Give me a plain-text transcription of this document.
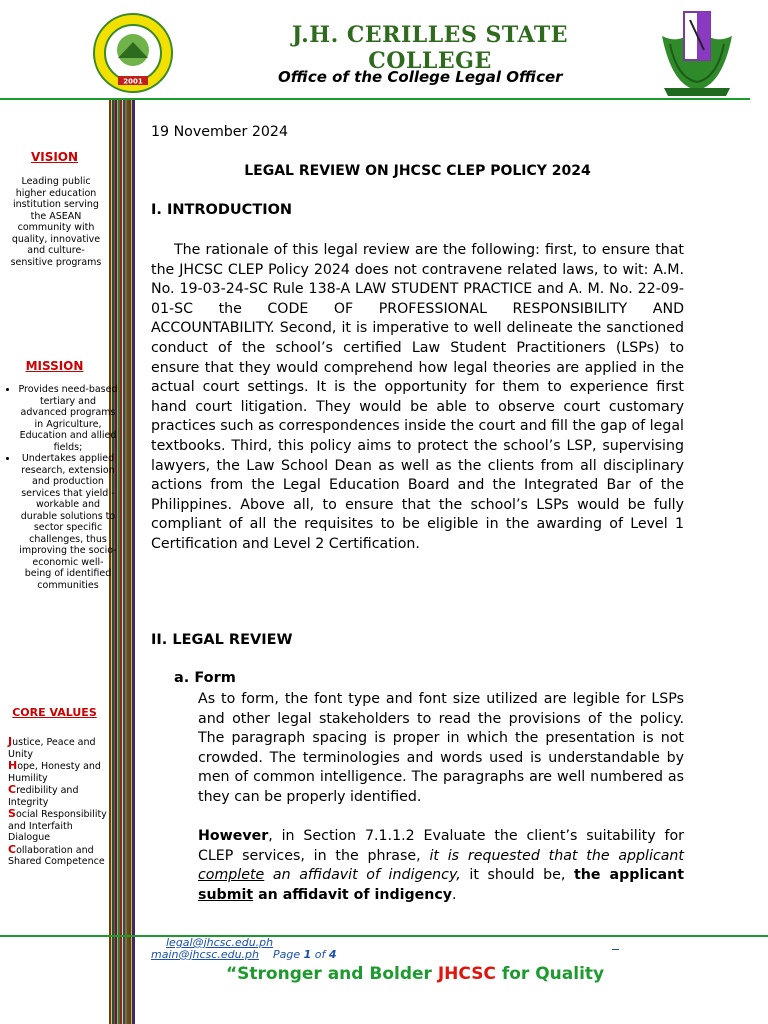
2001
J.H. CERILLES STATE COLLEGE
Office of the College Legal Officer
VISION
Leading public higher education institution serving the ASEAN community with quality, innovative and culture-sensitive programs
MISSION
• Provides need-based tertiary and advanced programs in Agriculture, Education and allied fields;
• Undertakes applied research, extension and production services that yield - workable and durable solutions to sector specific challenges, thus improving the socio-economic well- being of identified communities
CORE VALUES
Justice, Peace and Unity
Hope, Honesty and Humility
Credibility and Integrity
Social Responsibility and Interfaith Dialogue
Collaboration and Shared Competence
19 November 2024
LEGAL REVIEW ON JHCSC CLEP POLICY 2024
I. INTRODUCTION
The rationale of this legal review are the following: first, to ensure that the JHCSC CLEP Policy 2024 does not contravene related laws, to wit: A.M. No. 19-03-24-SC Rule 138-A LAW STUDENT PRACTICE and A. M. No. 22-09-01-SC the CODE OF PROFESSIONAL RESPONSIBILITY AND ACCOUNTABILITY. Second, it is imperative to well delineate the sanctioned conduct of the school’s certified Law Student Practitioners (LSPs) to ensure that they would comprehend how legal theories are applied in the actual court settings. It is the opportunity for them to experience first hand court litigation. They would be able to observe court customary practices such as correspondences inside the court and fill the gap of legal textbooks. Third, this policy aims to protect the school’s LSP, supervising lawyers, the Law School Dean as well as the clients from all disciplinary actions from the Legal Education Board and the Integrated Bar of the Philippines. Above all, to ensure that the school’s LSPs would be fully compliant of all the requisites to be eligible in the awarding of Level 1 Certification and Level 2 Certification.
II. LEGAL REVIEW
a. Form
As to form, the font type and font size utilized are legible for LSPs and other legal stakeholders to read the provisions of the policy. The paragraph spacing is proper in which the presentation is not crowded. The terminologies and words used is understandable by men of common intelligence. The paragraphs are well numbered as they can be properly identified.
However, in Section 7.1.1.2 Evaluate the client’s suitability for CLEP services, in the phrase, it is requested that the applicant complete an affidavit of indigency, it should be, the applicant submit an affidavit of indigency.
legal@jhcsc.edu.ph
main@jhcsc.edu.ph Page 1 of 4

“Stronger and Bolder JHCSC for Quality
